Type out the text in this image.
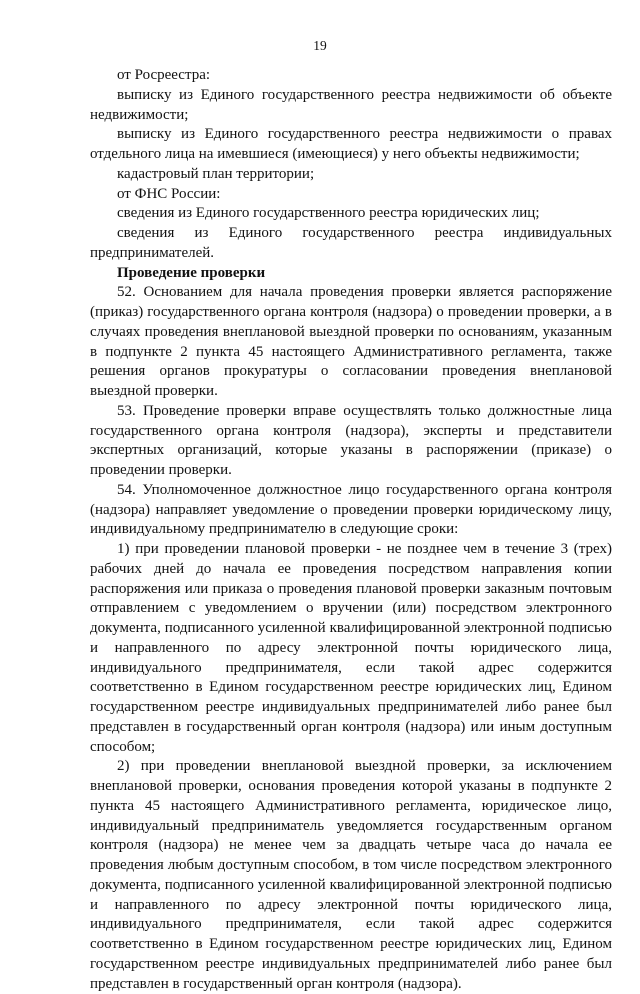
19

от Росреестра:

выписку из Единого государственного реестра недвижимости об объекте недвижимости;

выписку из Единого государственного реестра недвижимости о правах отдельного лица на имевшиеся (имеющиеся) у него объекты недвижимости;

кадастровый план территории;

от ФНС России:

сведения из Единого государственного реестра юридических лиц;

сведения из Единого государственного реестра индивидуальных предпринимателей.

Проведение проверки

52. Основанием для начала проведения проверки является распоряжение (приказ) государственного органа контроля (надзора) о проведении проверки, а в случаях проведения внеплановой выездной проверки по основаниям, указанным в подпункте 2 пункта 45 настоящего Административного регламента, также решения органов прокуратуры о согласовании проведения внеплановой выездной проверки.

53. Проведение проверки вправе осуществлять только должностные лица государственного органа контроля (надзора), эксперты и представители экспертных организаций, которые указаны в распоряжении (приказе) о проведении проверки.

54. Уполномоченное должностное лицо государственного органа контроля (надзора) направляет уведомление о проведении проверки юридическому лицу, индивидуальному предпринимателю в следующие сроки:

1) при проведении плановой проверки - не позднее чем в течение 3 (трех) рабочих дней до начала ее проведения посредством направления копии распоряжения или приказа о проведения плановой проверки заказным почтовым отправлением с уведомлением о вручении (или) посредством электронного документа, подписанного усиленной квалифицированной электронной подписью и направленного по адресу электронной почты юридического лица, индивидуального предпринимателя, если такой адрес содержится соответственно в Едином государственном реестре юридических лиц, Едином государственном реестре индивидуальных предпринимателей либо ранее был представлен в государственный орган контроля (надзора) или иным доступным способом;

2) при проведении внеплановой выездной проверки, за исключением внеплановой проверки, основания проведения которой указаны в подпункте 2 пункта 45 настоящего Административного регламента, юридическое лицо, индивидуальный предприниматель уведомляется государственным органом контроля (надзора) не менее чем за двадцать четыре часа до начала ее проведения любым доступным способом, в том числе посредством электронного документа, подписанного усиленной квалифицированной электронной подписью и направленного по адресу электронной почты юридического лица, индивидуального предпринимателя, если такой адрес содержится соответственно в Едином государственном реестре юридических лиц, Едином государственном реестре индивидуальных предпринимателей либо ранее был представлен в государственный орган контроля (надзора).
